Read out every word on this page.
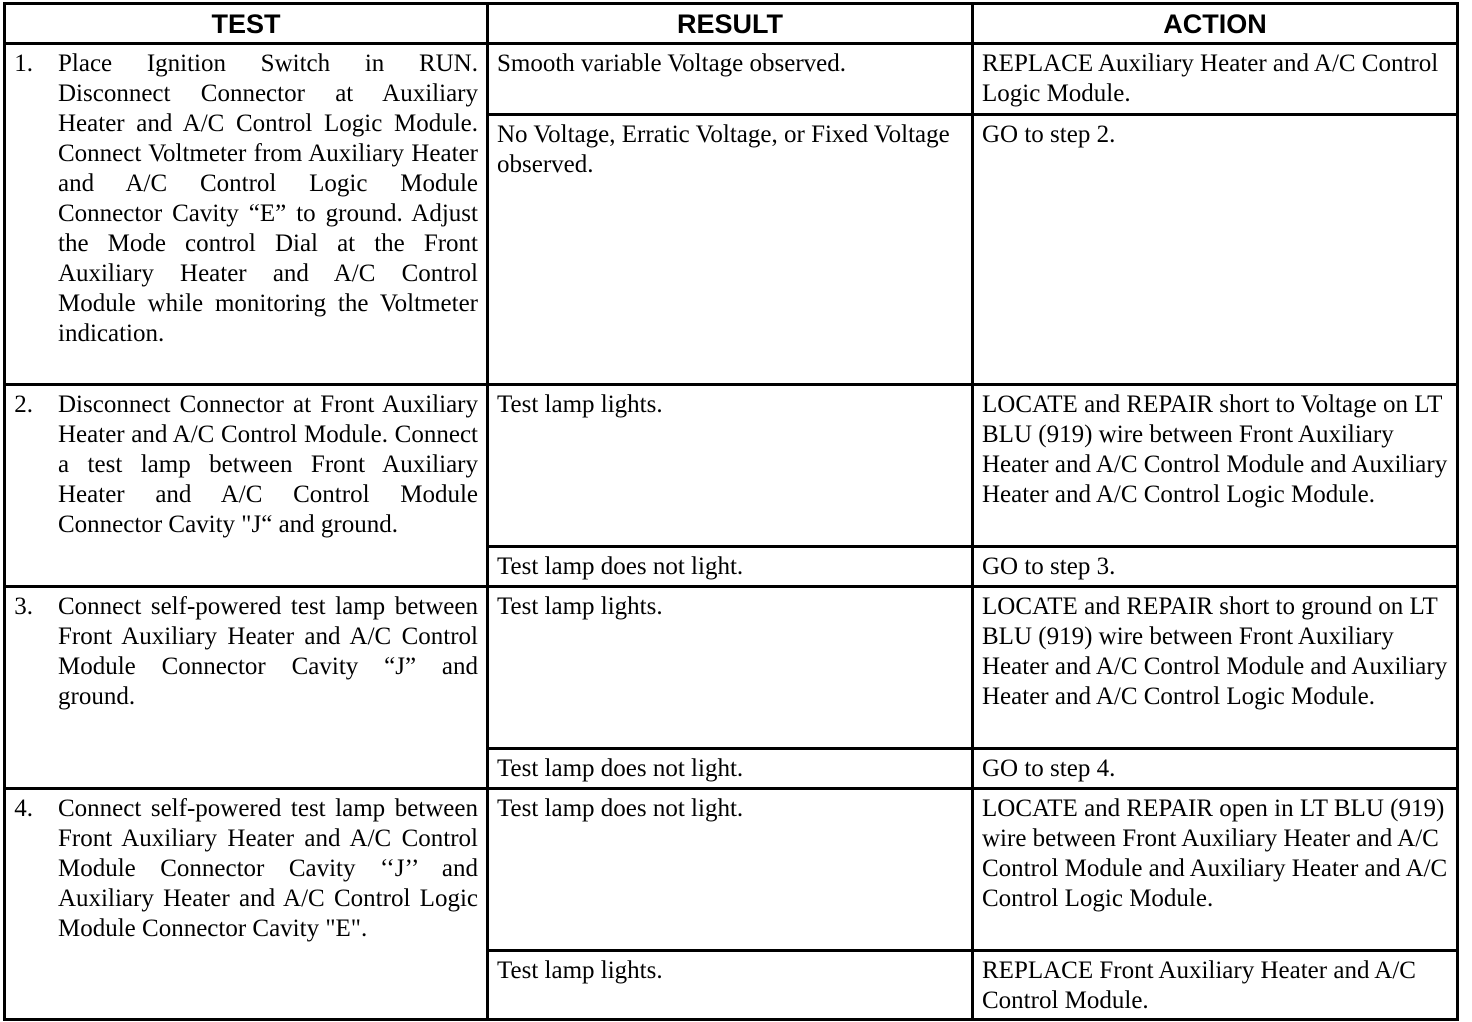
TEST	RESULT	ACTION

1. Place Ignition Switch in RUN. Disconnect Connector at Auxiliary Heater and A/C Control Logic Module. Connect Voltmeter from Auxiliary Heater and A/C Control Logic Module Connector Cavity “E” to ground. Adjust the Mode control Dial at the Front Auxiliary Heater and A/C Control Module while monitoring the Voltmeter indication.	Smooth variable Voltage observed.	REPLACE Auxiliary Heater and A/C Control Logic Module.
	No Voltage, Erratic Voltage, or Fixed Voltage observed.	GO to step 2.

2. Disconnect Connector at Front Auxiliary Heater and A/C Control Module. Connect a test lamp between Front Auxiliary Heater and A/C Control Module Connector Cavity "J“ and ground.	Test lamp lights.	LOCATE and REPAIR short to Voltage on LT BLU (919) wire between Front Auxiliary Heater and A/C Control Module and Auxiliary Heater and A/C Control Logic Module.
	Test lamp does not light.	GO to step 3.

3. Connect self-powered test lamp between Front Auxiliary Heater and A/C Control Module Connector Cavity “J” and ground.	Test lamp lights.	LOCATE and REPAIR short to ground on LT BLU (919) wire between Front Auxiliary Heater and A/C Control Module and Auxiliary Heater and A/C Control Logic Module.
	Test lamp does not light.	GO to step 4.

4. Connect self-powered test lamp between Front Auxiliary Heater and A/C Control Module Connector Cavity ‘‘J’’ and Auxiliary Heater and A/C Control Logic Module Connector Cavity "E".	Test lamp does not light.	LOCATE and REPAIR open in LT BLU (919) wire between Front Auxiliary Heater and A/C Control Module and Auxiliary Heater and A/C Control Logic Module.
	Test lamp lights.	REPLACE Front Auxiliary Heater and A/C Control Module.
